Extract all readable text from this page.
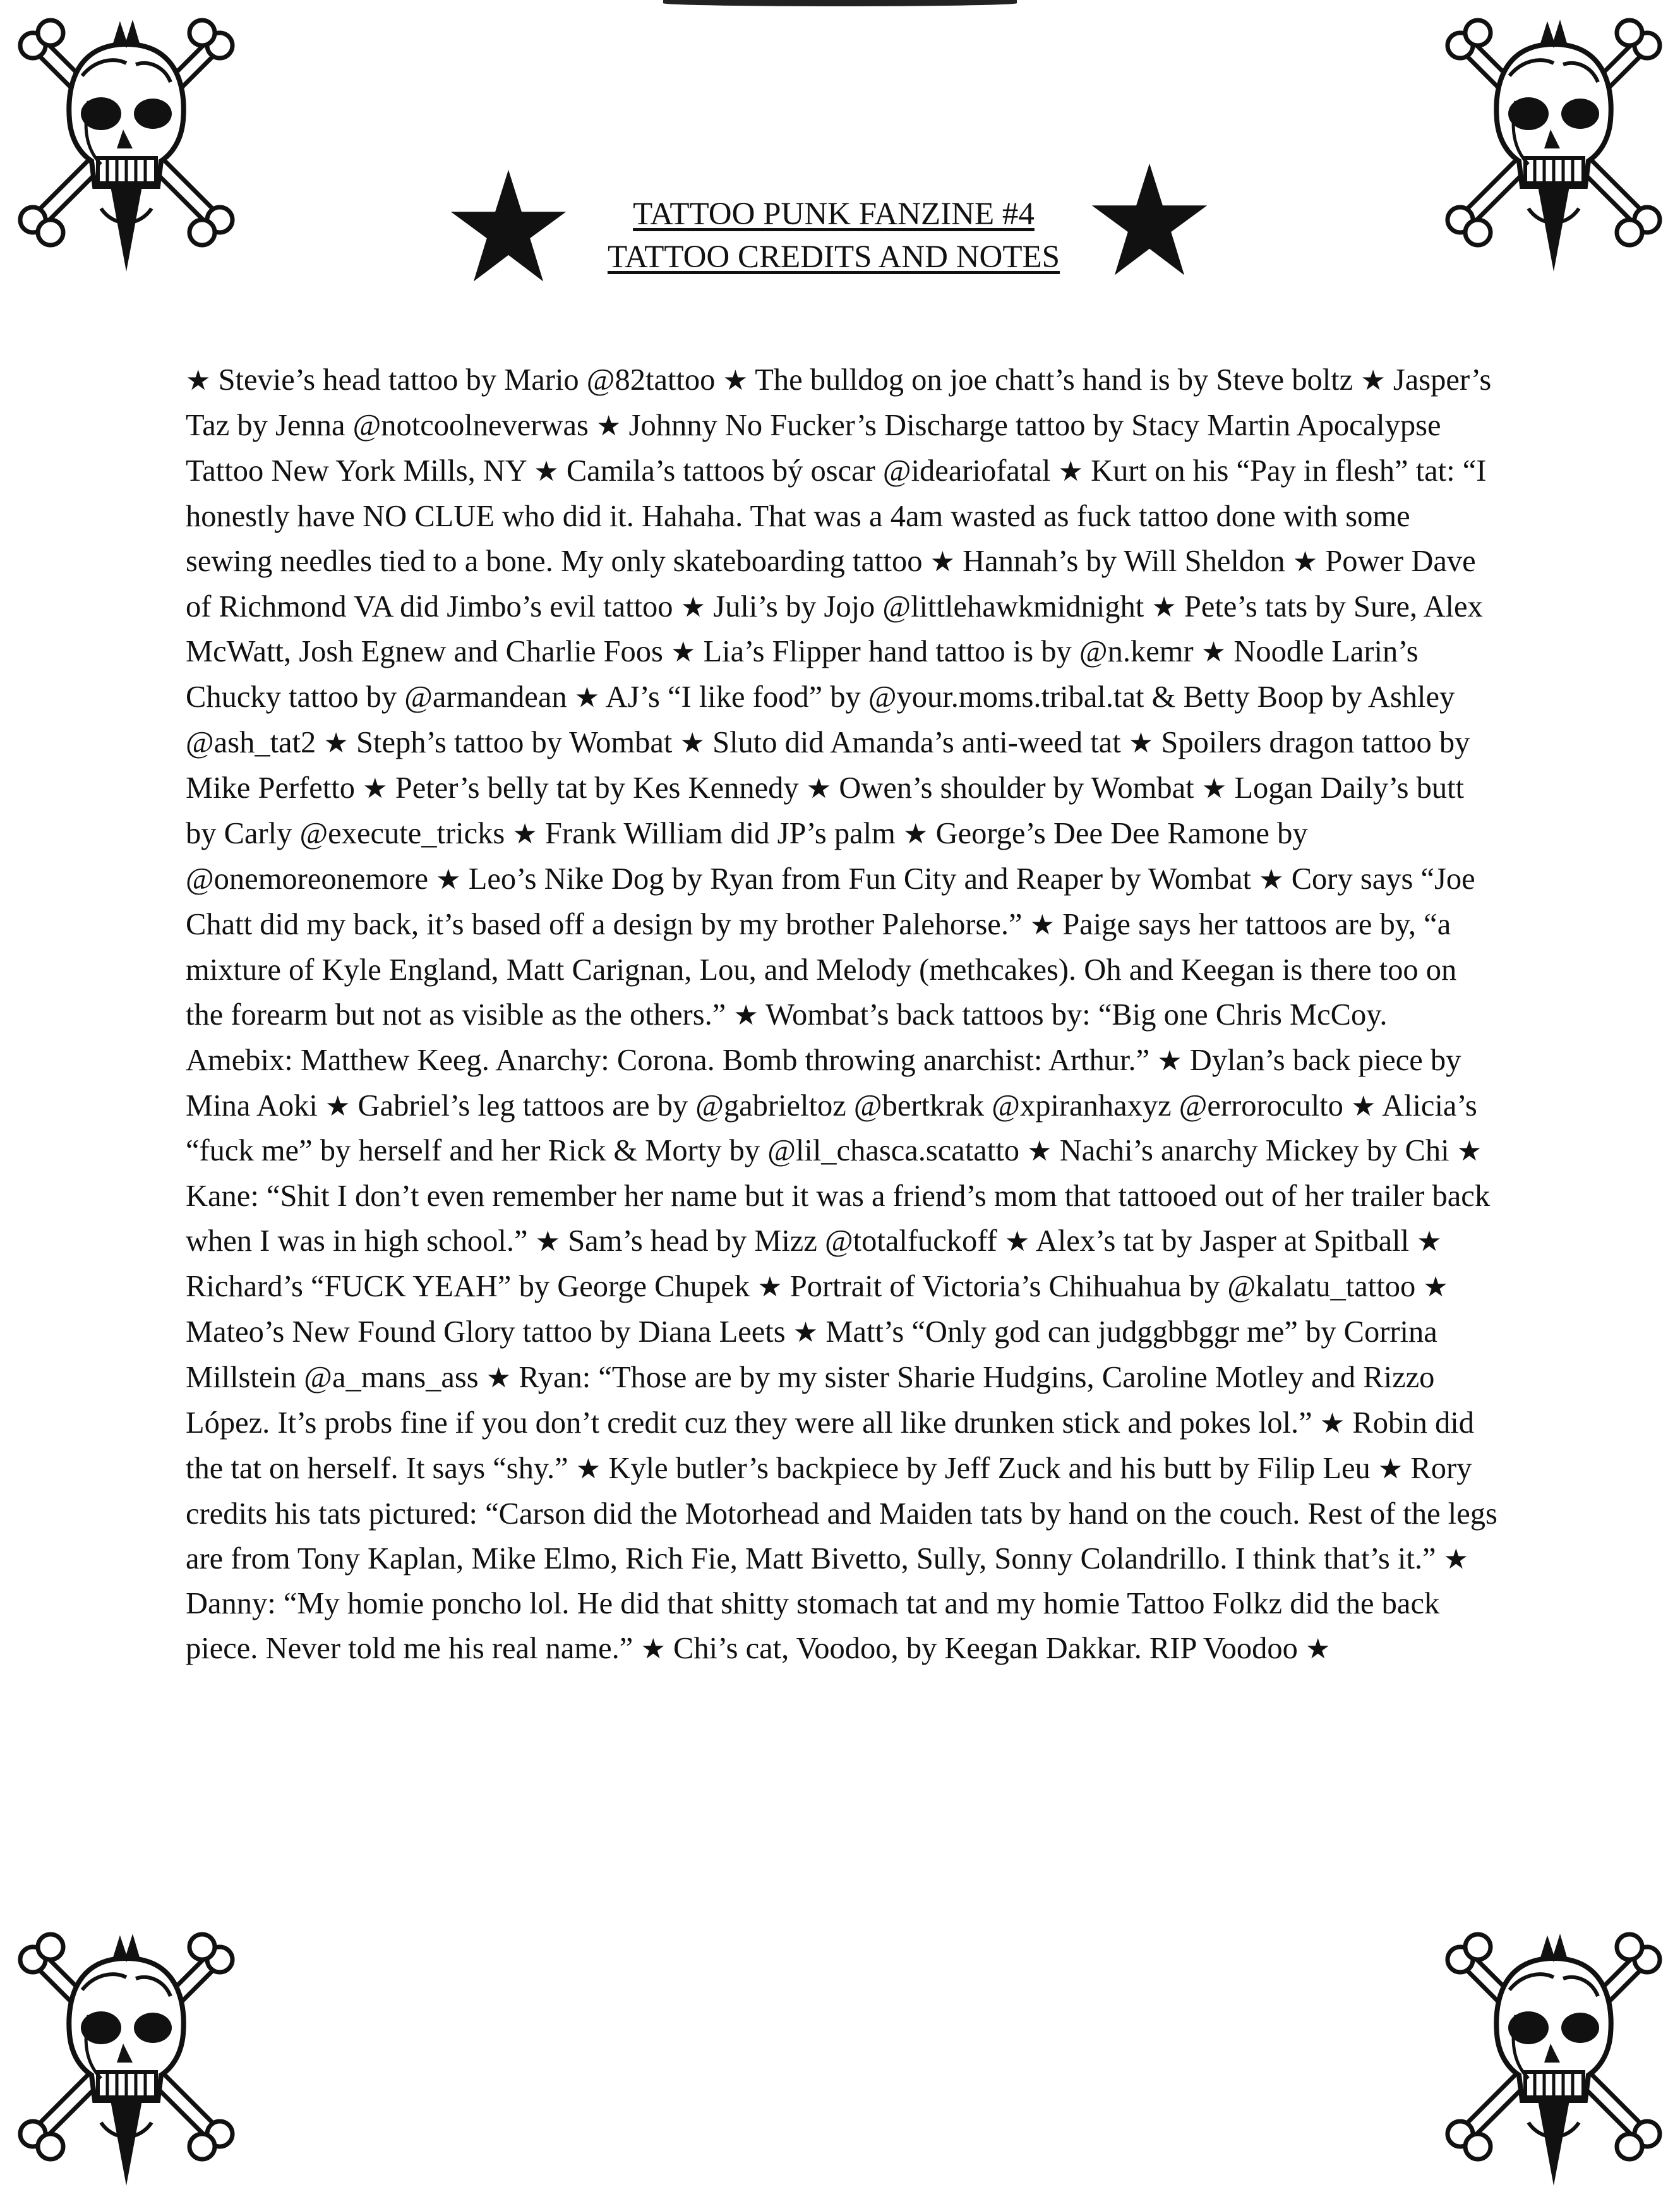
TATTOO PUNK FANZINE #4
TATTOO CREDITS AND NOTES
★ Stevie’s head tattoo by Mario @82tattoo ★ The bulldog on joe chatt’s hand is by Steve boltz ★ Jasper’s Taz by Jenna @notcoolneverwas ★ Johnny No Fucker’s Discharge tattoo by Stacy Martin Apocalypse Tattoo New York Mills, NY ★ Camila’s tattoos bý oscar @ideariofatal ★ Kurt on his “Pay in flesh” tat: “I honestly have NO CLUE who did it. Hahaha. That was a 4am wasted as fuck tattoo done with some sewing needles tied to a bone. My only skateboarding tattoo ★ Hannah’s by Will Sheldon ★ Power Dave of Richmond VA did Jimbo’s evil tattoo ★ Juli’s by Jojo @littlehawkmidnight ★ Pete’s tats by Sure, Alex McWatt, Josh Egnew and Charlie Foos ★ Lia’s Flipper hand tattoo is by @n.kemr ★ Noodle Larin’s Chucky tattoo by @armandean ★ AJ’s “I like food” by @your.moms.tribal.tat & Betty Boop by Ashley @ash_tat2 ★ Steph’s tattoo by Wombat ★ Sluto did Amanda’s anti-weed tat ★ Spoilers dragon tattoo by Mike Perfetto ★ Peter’s belly tat by Kes Kennedy ★ Owen’s shoulder by Wombat ★ Logan Daily’s butt by Carly @execute_tricks ★ Frank William did JP’s palm ★ George’s Dee Dee Ramone by @onemoreonemore ★ Leo’s Nike Dog by Ryan from Fun City and Reaper by Wombat ★ Cory says “Joe Chatt did my back, it’s based off a design by my brother Palehorse.” ★ Paige says her tattoos are by, “a mixture of Kyle England, Matt Carignan, Lou, and Melody (methcakes). Oh and Keegan is there too on the forearm but not as visible as the others.” ★ Wombat’s back tattoos by: “Big one Chris McCoy. Amebix: Matthew Keeg. Anarchy: Corona. Bomb throwing anarchist: Arthur.” ★ Dylan’s back piece by Mina Aoki ★ Gabriel’s leg tattoos are by @gabrieltoz @bertkrak @xpiranhaxyz @erroroculto ★ Alicia’s “fuck me” by herself and her Rick & Morty by @lil_chasca.scatatto ★ Nachi’s anarchy Mickey by Chi ★ Kane: “Shit I don’t even remember her name but it was a friend’s mom that tattooed out of her trailer back when I was in high school.” ★ Sam’s head by Mizz @totalfuckoff ★ Alex’s tat by Jasper at Spitball ★ Richard’s “FUCK YEAH” by George Chupek ★ Portrait of Victoria’s Chihuahua by @kalatu_tattoo ★ Mateo’s New Found Glory tattoo by Diana Leets ★ Matt’s “Only god can judggbbggr me” by Corrina Millstein @a_mans_ass ★ Ryan: “Those are by my sister Sharie Hudgins, Caroline Motley and Rizzo López. It’s probs fine if you don’t credit cuz they were all like drunken stick and pokes lol.” ★ Robin did the tat on herself. It says “shy.” ★ Kyle butler’s backpiece by Jeff Zuck and his butt by Filip Leu ★ Rory credits his tats pictured: “Carson did the Motorhead and Maiden tats by hand on the couch. Rest of the legs are from Tony Kaplan, Mike Elmo, Rich Fie, Matt Bivetto, Sully, Sonny Colandrillo. I think that’s it.” ★ Danny: “My homie poncho lol. He did that shitty stomach tat and my homie Tattoo Folkz did the back piece. Never told me his real name.” ★ Chi’s cat, Voodoo, by Keegan Dakkar. RIP Voodoo ★
